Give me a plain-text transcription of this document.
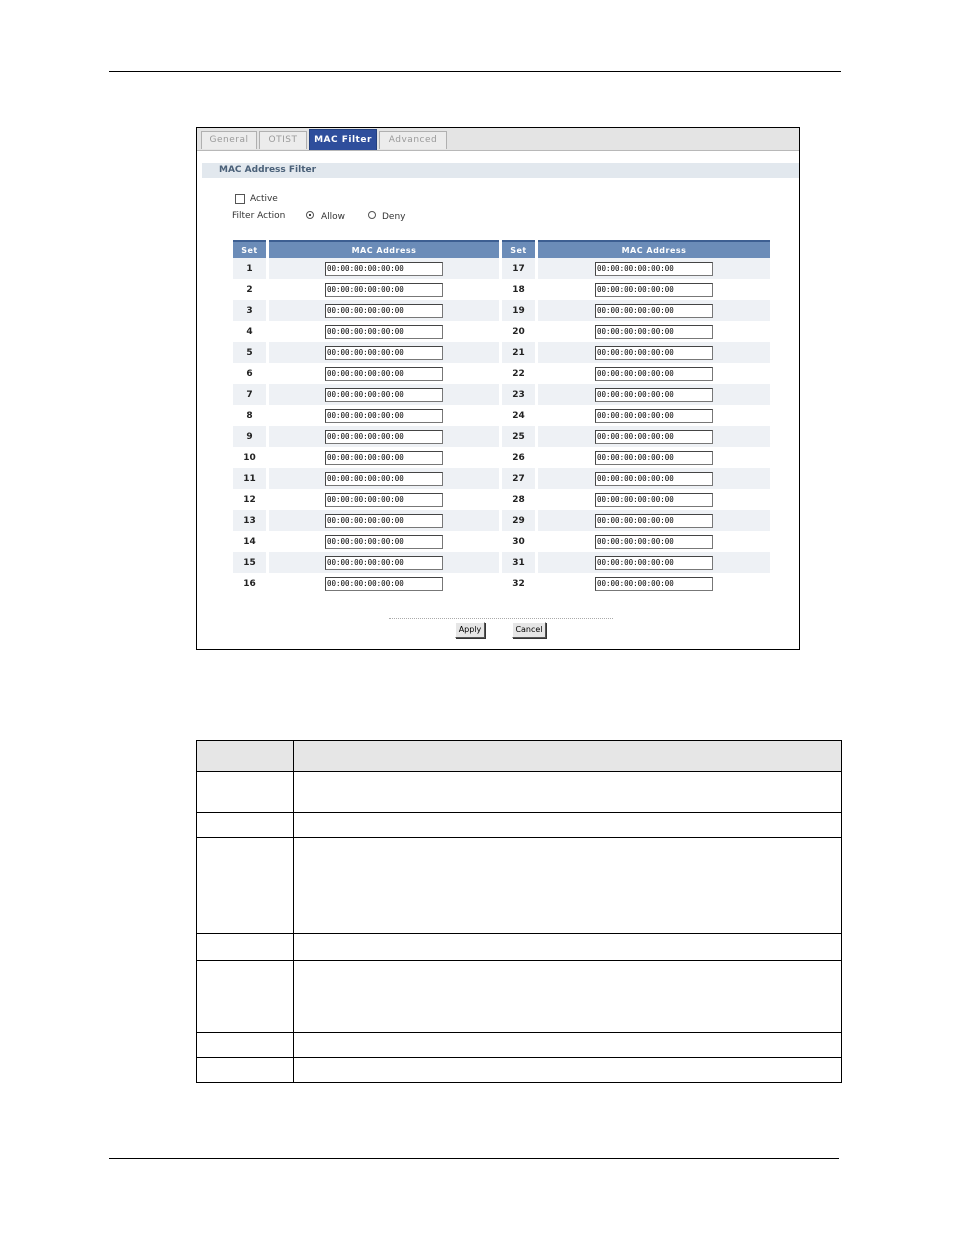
General	OTIST	MAC Filter	Advanced
MAC Address Filter
Active
Filter Action	Allow	Deny
Set		MAC Address		Set		MAC Address
1		00:00:00:00:00:00		17		00:00:00:00:00:00
2		00:00:00:00:00:00		18		00:00:00:00:00:00
3		00:00:00:00:00:00		19		00:00:00:00:00:00
4		00:00:00:00:00:00		20		00:00:00:00:00:00
5		00:00:00:00:00:00		21		00:00:00:00:00:00
6		00:00:00:00:00:00		22		00:00:00:00:00:00
7		00:00:00:00:00:00		23		00:00:00:00:00:00
8		00:00:00:00:00:00		24		00:00:00:00:00:00
9		00:00:00:00:00:00		25		00:00:00:00:00:00
10		00:00:00:00:00:00		26		00:00:00:00:00:00
11		00:00:00:00:00:00		27		00:00:00:00:00:00
12		00:00:00:00:00:00		28		00:00:00:00:00:00
13		00:00:00:00:00:00		29		00:00:00:00:00:00
14		00:00:00:00:00:00		30		00:00:00:00:00:00
15		00:00:00:00:00:00		31		00:00:00:00:00:00
16		00:00:00:00:00:00		32		00:00:00:00:00:00
Apply	Cancel
